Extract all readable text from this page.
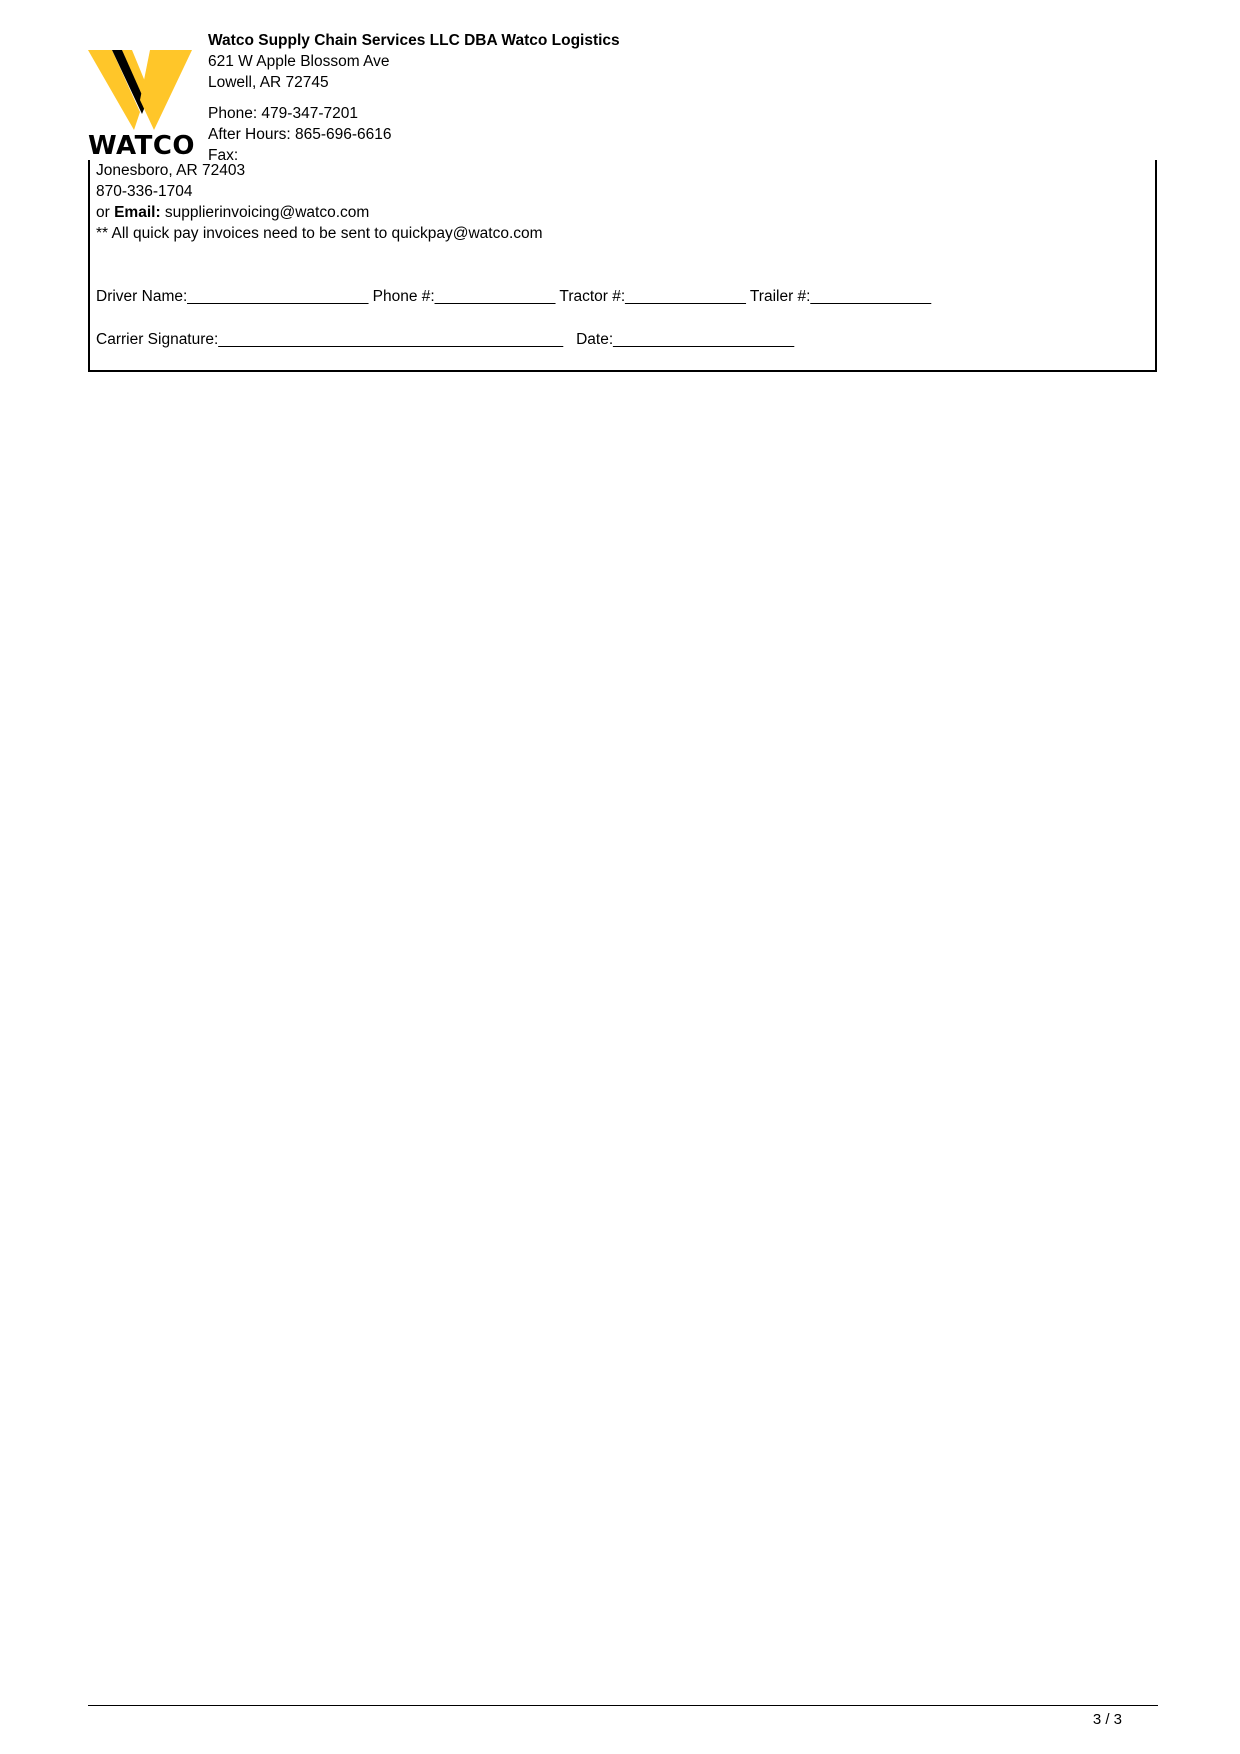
WATCO
Watco Supply Chain Services LLC DBA Watco Logistics
621 W Apple Blossom Ave
Lowell, AR 72745
Phone: 479-347-7201
After Hours: 865-696-6616
Fax:
Jonesboro, AR 72403
870-336-1704
or Email: supplierinvoicing@watco.com
** All quick pay invoices need to be sent to quickpay@watco.com
Driver Name:_____________________ Phone #:______________ Tractor #:______________ Trailer #:______________
Carrier Signature:________________________________________ Date:_____________________
3 / 3
